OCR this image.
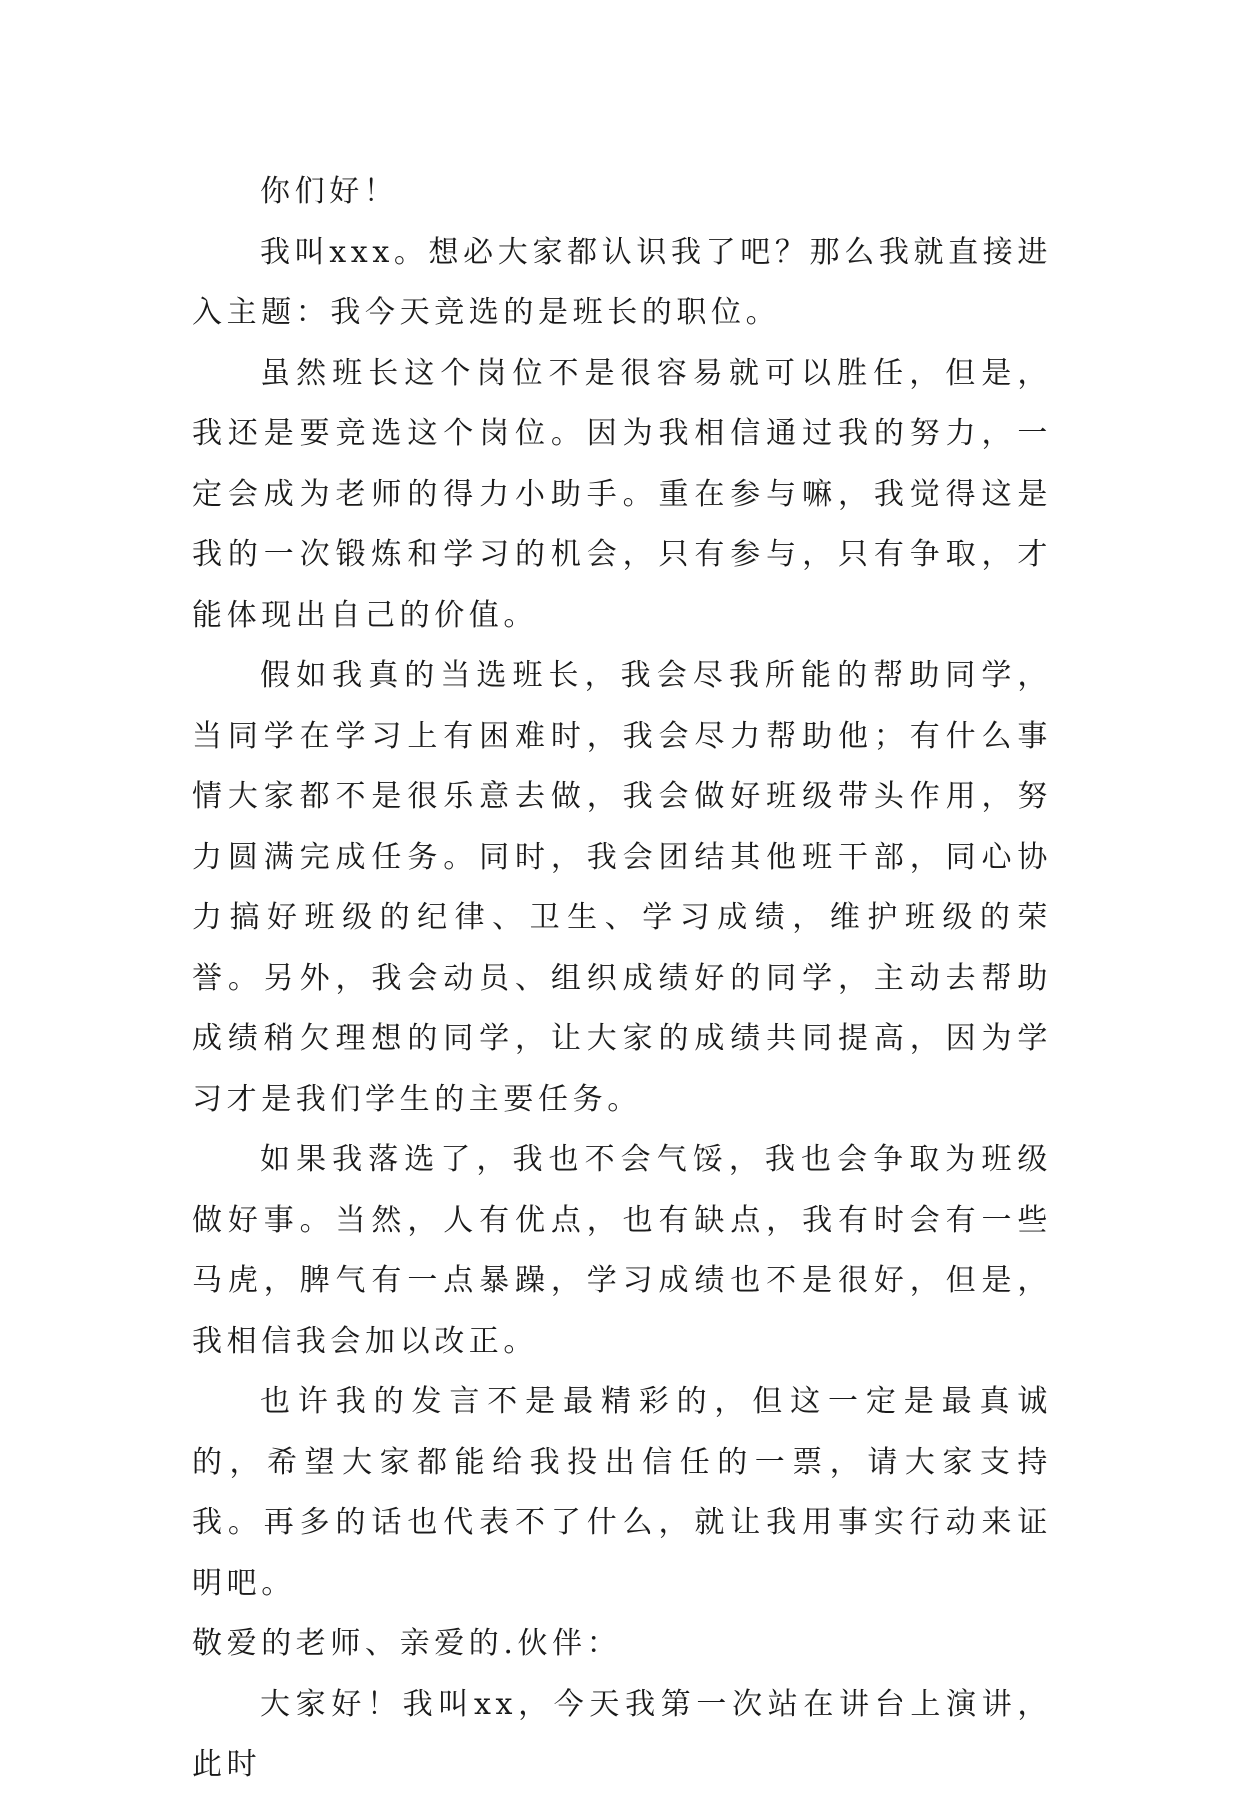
你们好！

我叫xxx。想必大家都认识我了吧？那么我就直接进入主题：我今天竞选的是班长的职位。

虽然班长这个岗位不是很容易就可以胜任，但是，我还是要竞选这个岗位。因为我相信通过我的努力，一定会成为老师的得力小助手。重在参与嘛，我觉得这是我的一次锻炼和学习的机会，只有参与，只有争取，才能体现出自己的价值。

假如我真的当选班长，我会尽我所能的帮助同学，当同学在学习上有困难时，我会尽力帮助他；有什么事情大家都不是很乐意去做，我会做好班级带头作用，努力圆满完成任务。同时，我会团结其他班干部，同心协力搞好班级的纪律、卫生、学习成绩，维护班级的荣誉。另外，我会动员、组织成绩好的同学，主动去帮助成绩稍欠理想的同学，让大家的成绩共同提高，因为学习才是我们学生的主要任务。

如果我落选了，我也不会气馁，我也会争取为班级做好事。当然，人有优点，也有缺点，我有时会有一些马虎，脾气有一点暴躁，学习成绩也不是很好，但是，我相信我会加以改正。

也许我的发言不是最精彩的，但这一定是最真诚的，希望大家都能给我投出信任的一票，请大家支持我。再多的话也代表不了什么，就让我用事实行动来证明吧。

敬爱的老师、亲爱的.伙伴：

大家好！我叫xx，今天我第一次站在讲台上演讲，此时
